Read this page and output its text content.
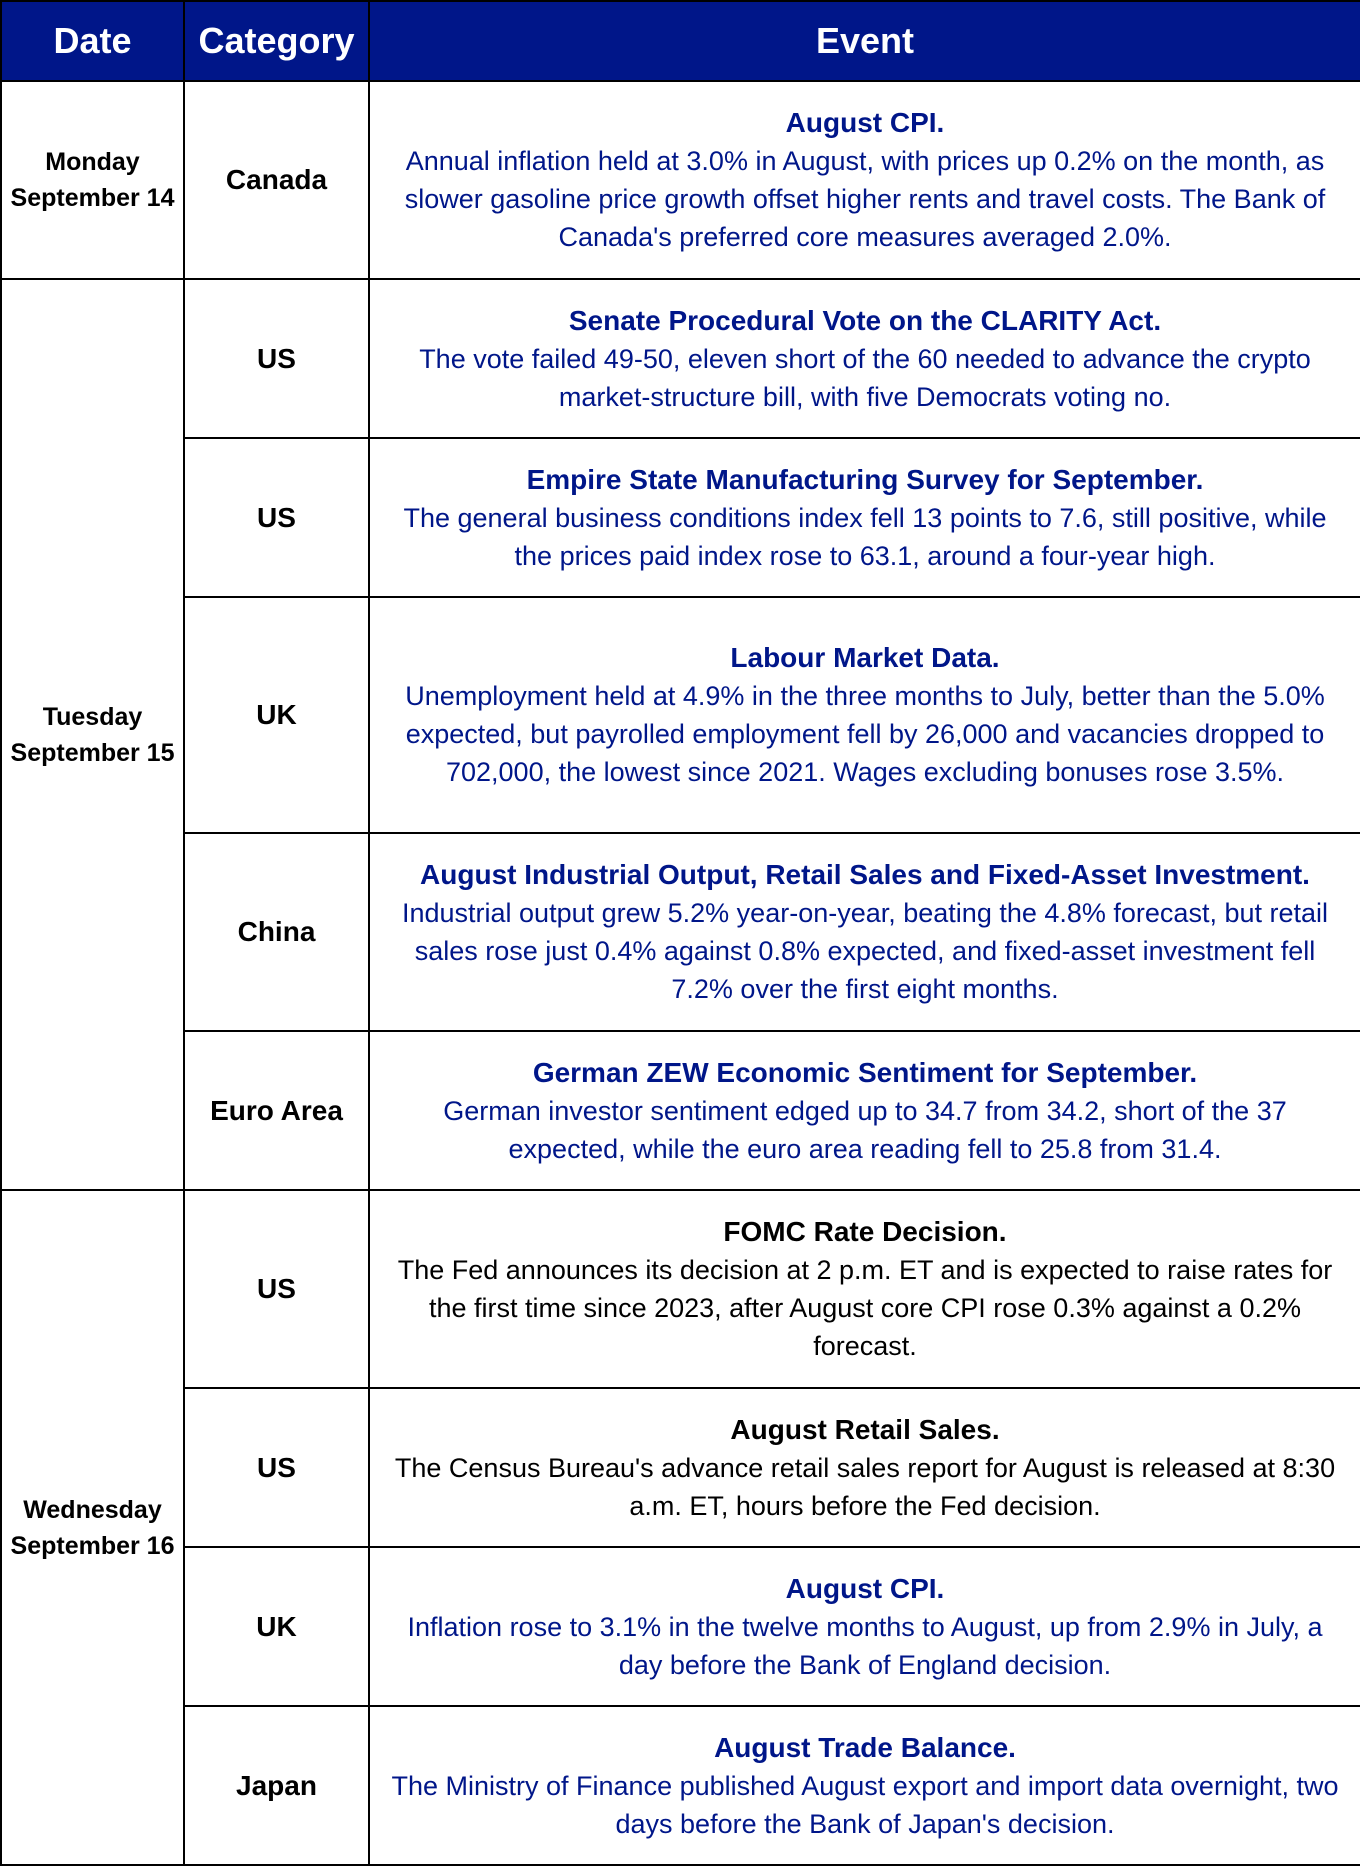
Date	Category	Event
Monday
September 14	Canada	August CPI.
Annual inflation held at 3.0% in August, with prices up 0.2% on the month, as slower gasoline price growth offset higher rents and travel costs. The Bank of Canada's preferred core measures averaged 2.0%.

Tuesday
September 15	US	Senate Procedural Vote on the CLARITY Act.
The vote failed 49-50, eleven short of the 60 needed to advance the crypto market-structure bill, with five Democrats voting no.

	US	Empire State Manufacturing Survey for September.
The general business conditions index fell 13 points to 7.6, still positive, while the prices paid index rose to 63.1, around a four-year high.

	UK	Labour Market Data.
Unemployment held at 4.9% in the three months to July, better than the 5.0% expected, but payrolled employment fell by 26,000 and vacancies dropped to 702,000, the lowest since 2021. Wages excluding bonuses rose 3.5%.

	China	August Industrial Output, Retail Sales and Fixed-Asset Investment.
Industrial output grew 5.2% year-on-year, beating the 4.8% forecast, but retail sales rose just 0.4% against 0.8% expected, and fixed-asset investment fell 7.2% over the first eight months.

	Euro Area	German ZEW Economic Sentiment for September.
German investor sentiment edged up to 34.7 from 34.2, short of the 37 expected, while the euro area reading fell to 25.8 from 31.4.

Wednesday
September 16	US	FOMC Rate Decision.
The Fed announces its decision at 2 p.m. ET and is expected to raise rates for the first time since 2023, after August core CPI rose 0.3% against a 0.2% forecast.

	US	August Retail Sales.
The Census Bureau's advance retail sales report for August is released at 8:30 a.m. ET, hours before the Fed decision.

	UK	August CPI.
Inflation rose to 3.1% in the twelve months to August, up from 2.9% in July, a day before the Bank of England decision.

	Japan	August Trade Balance.
The Ministry of Finance published August export and import data overnight, two days before the Bank of Japan's decision.
